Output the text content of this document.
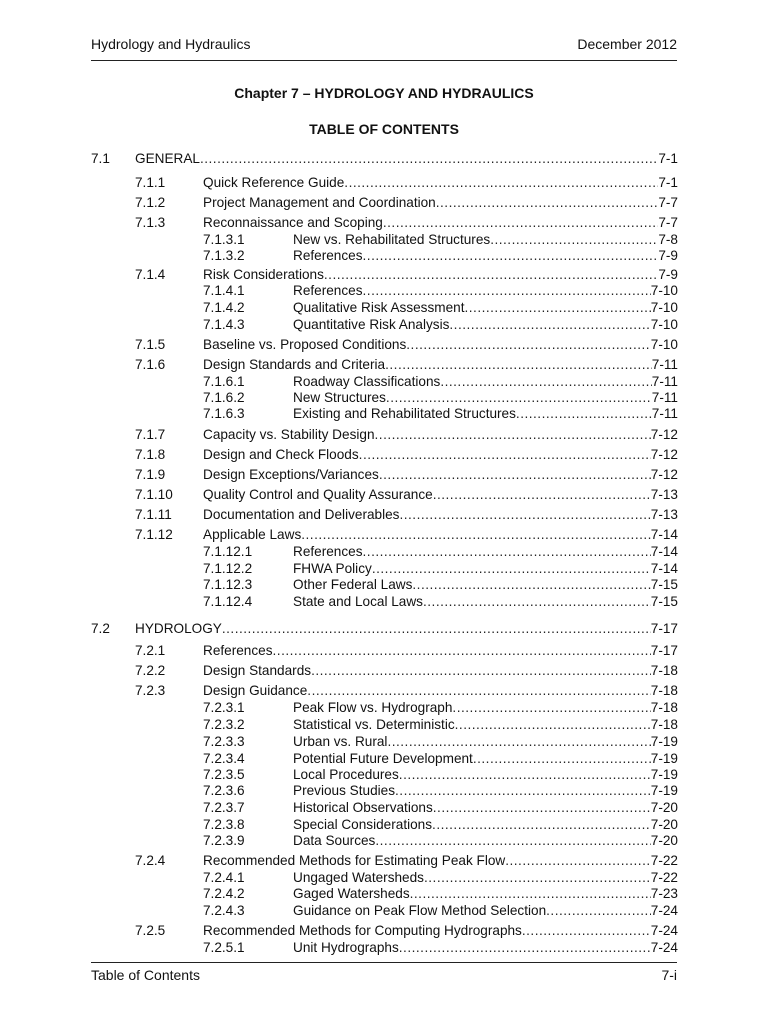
Hydrology and Hydraulics	December 2012
Chapter 7 – HYDROLOGY AND HYDRAULICS
TABLE OF CONTENTS
7.1 GENERAL .....	7-1
7.1.1	Quick Reference Guide .....	7-1
7.1.2	Project Management and Coordination .....	7-7
7.1.3	Reconnaissance and Scoping .....	7-7
7.1.3.1	New vs. Rehabilitated Structures .....	7-8
7.1.3.2	References .....	7-9
7.1.4	Risk Considerations .....	7-9
7.1.4.1	References .....	7-10
7.1.4.2	Qualitative Risk Assessment .....	7-10
7.1.4.3	Quantitative Risk Analysis .....	7-10
7.1.5	Baseline vs. Proposed Conditions .....	7-10
7.1.6	Design Standards and Criteria .....	7-11
7.1.6.1	Roadway Classifications .....	7-11
7.1.6.2	New Structures .....	7-11
7.1.6.3	Existing and Rehabilitated Structures .....	7-11
7.1.7	Capacity vs. Stability Design .....	7-12
7.1.8	Design and Check Floods .....	7-12
7.1.9	Design Exceptions/Variances .....	7-12
7.1.10 Quality Control and Quality Assurance .....	7-13
7.1.11 Documentation and Deliverables .....	7-13
7.1.12 Applicable Laws .....	7-14
7.1.12.1	References .....	7-14
7.1.12.2	FHWA Policy .....	7-14
7.1.12.3	Other Federal Laws .....	7-15
7.1.12.4	State and Local Laws .....	7-15
7.2 HYDROLOGY .....	7-17
7.2.1	References .....	7-17
7.2.2	Design Standards .....	7-18
7.2.3	Design Guidance .....	7-18
7.2.3.1	Peak Flow vs. Hydrograph .....	7-18
7.2.3.2	Statistical vs. Deterministic .....	7-18
7.2.3.3	Urban vs. Rural .....	7-19
7.2.3.4	Potential Future Development .....	7-19
7.2.3.5	Local Procedures .....	7-19
7.2.3.6	Previous Studies .....	7-19
7.2.3.7	Historical Observations .....	7-20
7.2.3.8	Special Considerations .....	7-20
7.2.3.9	Data Sources .....	7-20
7.2.4	Recommended Methods for Estimating Peak Flow .....	7-22
7.2.4.1	Ungaged Watersheds .....	7-22
7.2.4.2	Gaged Watersheds .....	7-23
7.2.4.3	Guidance on Peak Flow Method Selection .....	7-24
7.2.5	Recommended Methods for Computing Hydrographs .....	7-24
7.2.5.1	Unit Hydrographs .....	7-24
Table of Contents	7-i
